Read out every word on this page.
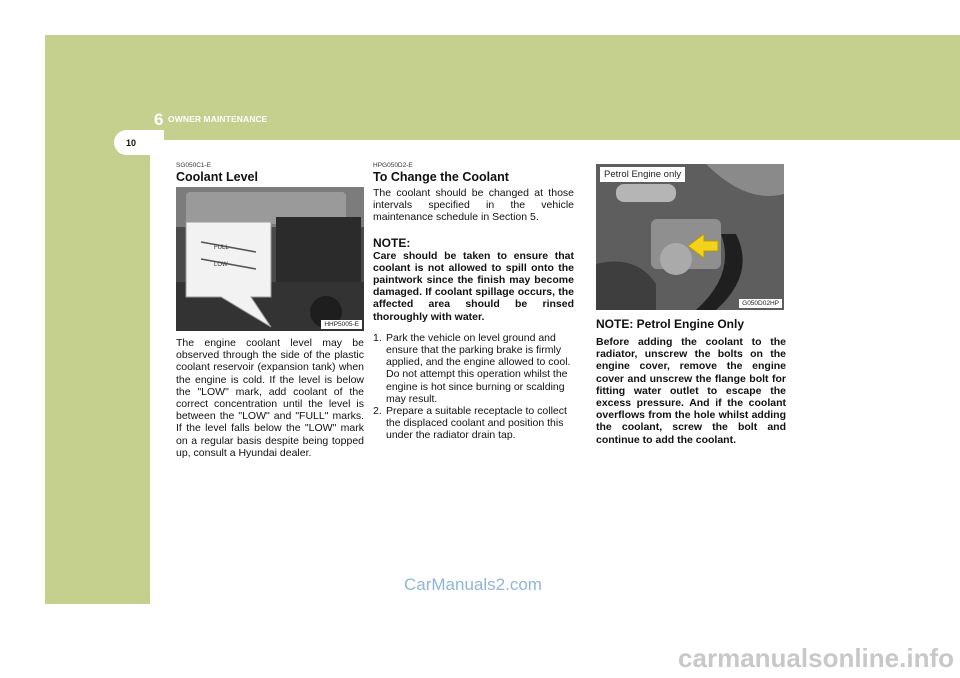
6 OWNER MAINTENANCE
10
SG050C1-E
Coolant Level
FULL
LOW
HHP5005-E

The engine coolant level may be observed through the side of the plastic coolant reservoir (expansion tank) when the engine is cold. If the level is below the "LOW" mark, add coolant of the correct concentration until the level is between the "LOW" and "FULL" marks. If the level falls below the "LOW" mark on a regular basis despite being topped up, consult a Hyundai dealer.

HPG050D2-E
To Change the Coolant

The coolant should be changed at those intervals specified in the vehicle maintenance schedule in Section 5.

NOTE:

Care should be taken to ensure that coolant is not allowed to spill onto the paintwork since the finish may become damaged. If coolant spillage occurs, the affected area should be rinsed thoroughly with water.

1. Park the vehicle on level ground and ensure that the parking brake is firmly applied, and the engine allowed to cool.
Do not attempt this operation whilst the engine is hot since burning or scalding may result.
2. Prepare a suitable receptacle to collect the displaced coolant and position this under the radiator drain tap.
Petrol Engine only
G050D02HP
NOTE: Petrol Engine Only

Before adding the coolant to the radiator, unscrew the bolts on the engine cover, remove the engine cover and unscrew the flange bolt for fitting water outlet to escape the excess pressure. And if the coolant overflows from the hole whilst adding the coolant, screw the bolt and continue to add the coolant.

CarManuals2.com
carmanualsonline.info
